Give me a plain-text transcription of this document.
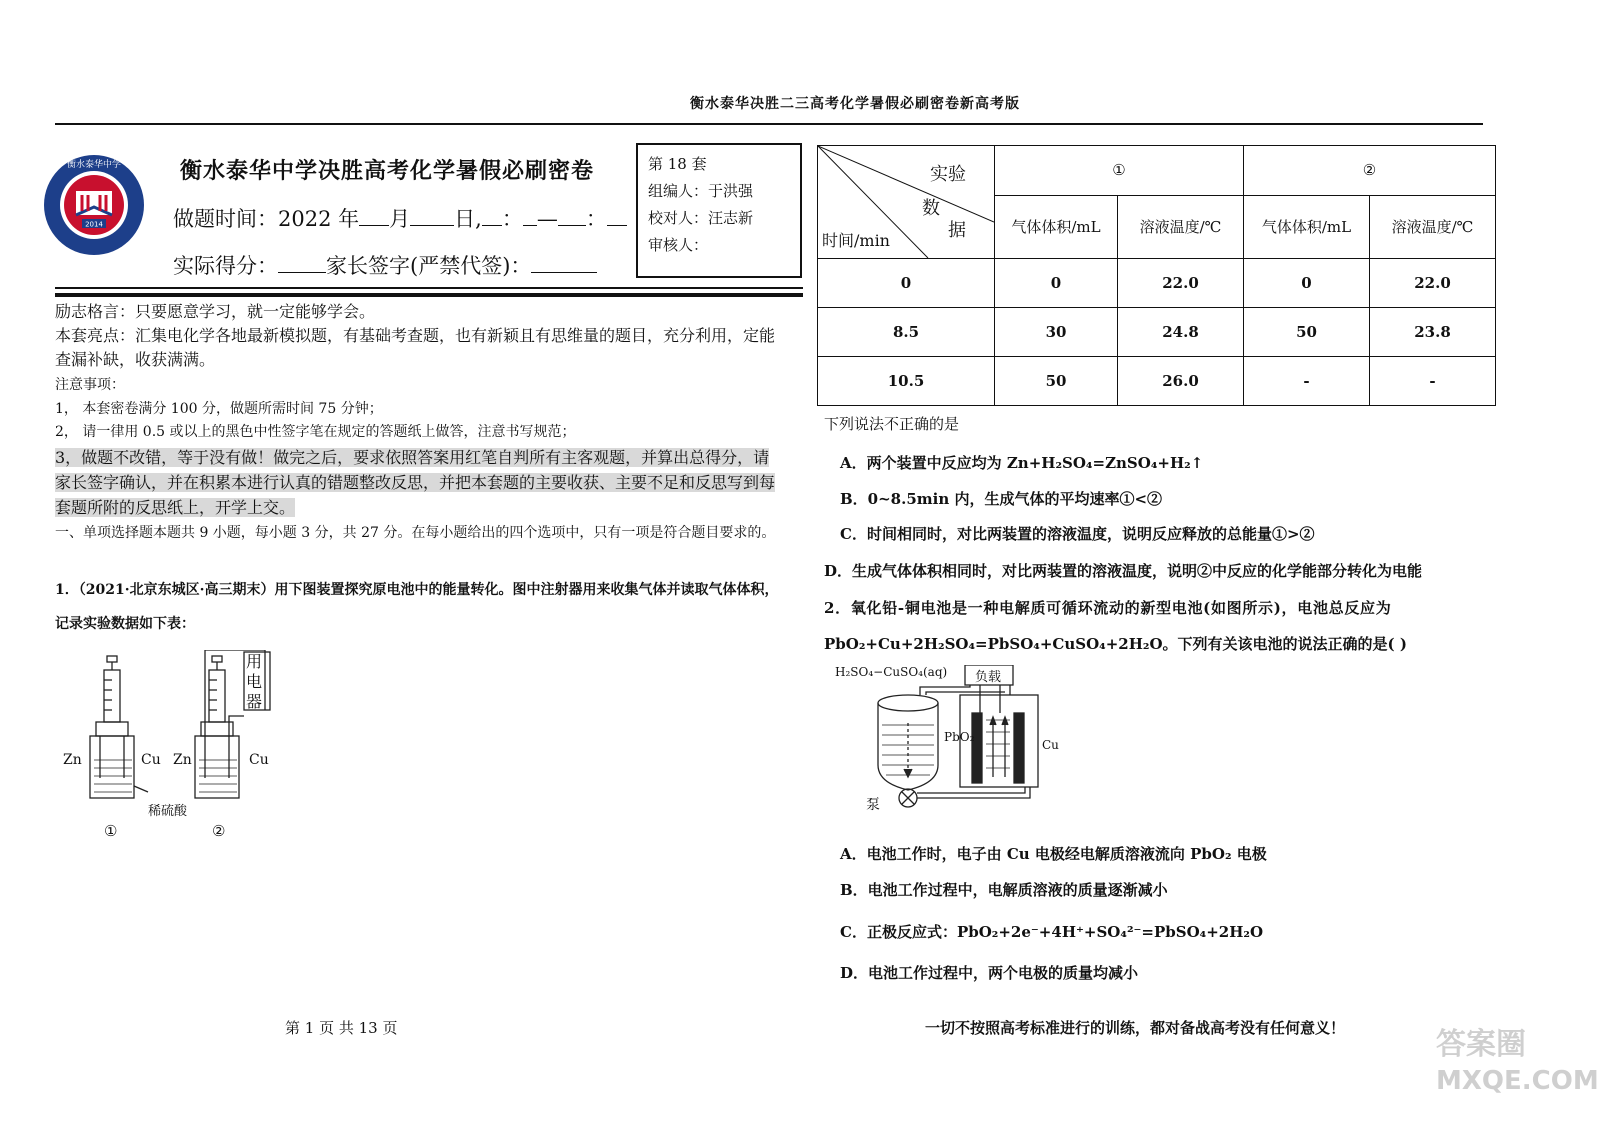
衡水泰华决胜二三高考化学暑假必刷密卷新高考版
2014
衡水泰华中学	衡水泰华中学决胜高考化学暑假必刷密卷
做题时间：2022 年 月 日, ： — ：
实际得分： 家长签字(严禁代签)：
第 18 套
组编人：于洪强
校对人：汪志新
审核人：
励志格言：只要愿意学习，就一定能够学会。
本套亮点：汇集电化学各地最新模拟题，有基础考查题，也有新颖且有思维量的题目，充分利用，定能查漏补缺，收获满满。
注意事项：
1， 本套密卷满分 100 分，做题所需时间 75 分钟；
2， 请一律用 0.5 或以上的黑色中性签字笔在规定的答题纸上做答，注意书写规范；
3，做题不改错，等于没有做！做完之后，要求依照答案用红笔自判所有主客观题，并算出总得分，请家长签字确认，并在积累本进行认真的错题整改反思，并把本套题的主要收获、主要不足和反思写到每套题所附的反思纸上，开学上交。
一、单项选择题本题共 9 小题，每小题 3 分，共 27 分。在每小题给出的四个选项中，只有一项是符合题目要求的。
1．（2021·北京东城区·高三期末）用下图装置探究原电池中的能量转化。图中注射器用来收集气体并读取气体体积，记录实验数据如下表：
用电器
Zn	Cu Zn	Cu
稀硫酸
①	②
实验
数
据
时间/min	①		②	
	气体体积/mL	溶液温度/℃	气体体积/mL	溶液温度/℃
0	0	22.0	0	22.0
8.5	30	24.8	50	23.8
10.5	50	26.0	-	-
下列说法不正确的是
A．两个装置中反应均为 Zn+H₂SO₄=ZnSO₄+H₂↑
B．0~8.5min 内，生成气体的平均速率①<②
C．时间相同时，对比两装置的溶液温度，说明反应释放的总能量①>②
D．生成气体体积相同时，对比两装置的溶液温度，说明②中反应的化学能部分转化为电能
2．氧化铅-铜电池是一种电解质可循环流动的新型电池(如图所示)，电池总反应为
PbO₂+Cu+2H₂SO₄=PbSO₄+CuSO₄+2H₂O。下列有关该电池的说法正确的是( )
H₂SO₄−CuSO₄(aq) 负载
PbO₂
Cu
泵
A．电池工作时，电子由 Cu 电极经电解质溶液流向 PbO₂ 电极
B．电池工作过程中，电解质溶液的质量逐渐减小
C．正极反应式：PbO₂+2e⁻+4H⁺+SO₄²⁻=PbSO₄+2H₂O
D．电池工作过程中，两个电极的质量均减小
第 1 页 共 13 页	一切不按照高考标准进行的训练，都对备战高考没有任何意义！	答案圈
MXQE.COM
